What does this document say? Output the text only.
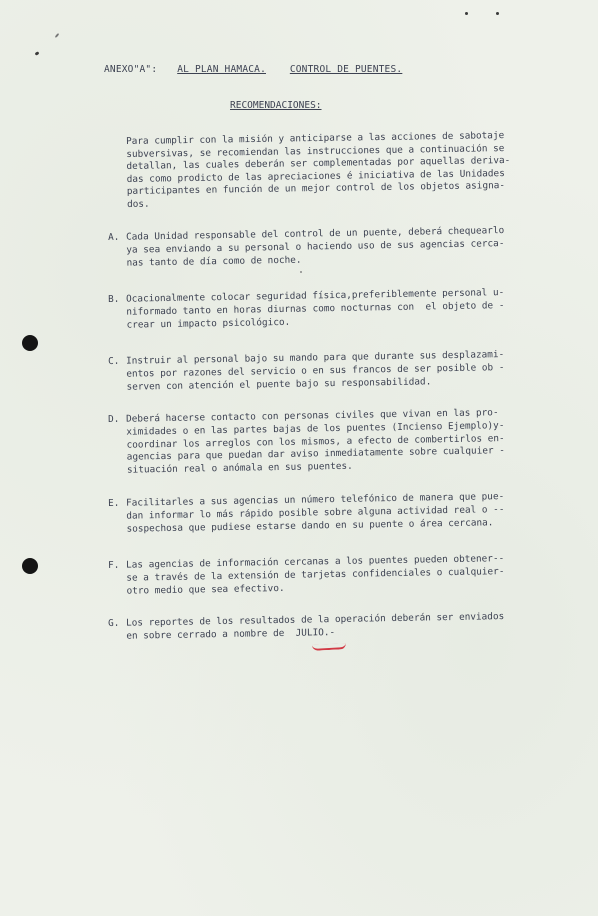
ANEXO"A": AL PLAN HAMACA.	CONTROL DE PUENTES.
RECOMENDACIONES:
Para cumplir con la misión y anticiparse a las acciones de sabotaje
subversivas, se recomiendan las instrucciones que a continuación se
detallan, las cuales deberán ser complementadas por aquellas deriva-
das como prodicto de las apreciaciones é iniciativa de las Unidades
participantes en función de un mejor control de los objetos asigna-
dos.

A.

Cada Unidad responsable del control de un puente, deberá chequearlo
ya sea enviando a su personal o haciendo uso de sus agencias cerca-
nas tanto de día como de noche.

B.

Ocacionalmente colocar seguridad física,preferiblemente personal u-
niformado tanto en horas diurnas como nocturnas con  el objeto de -
crear un impacto psicológico.

C.

Instruir al personal bajo su mando para que durante sus desplazami-
entos por razones del servicio o en sus francos de ser posible ob -
serven con atención el puente bajo su responsabilidad.

D.

Deberá hacerse contacto con personas civiles que vivan en las pro-
ximidades o en las partes bajas de los puentes (Incienso Ejemplo)y-
coordinar los arreglos con los mismos, a efecto de combertirlos en-
agencias para que puedan dar aviso inmediatamente sobre cualquier -
situación real o anómala en sus puentes.

E.

Facilitarles a sus agencias un número telefónico de manera que pue-
dan informar lo más rápido posible sobre alguna actividad real o --
sospechosa que pudiese estarse dando en su puente o área cercana.

F.

Las agencias de información cercanas a los puentes pueden obtener--
se a través de la extensión de tarjetas confidenciales o cualquier-
otro medio que sea efectivo.

G.

Los reportes de los resultados de la operación deberán ser enviados
en sobre cerrado a nombre de  JULIO.-
